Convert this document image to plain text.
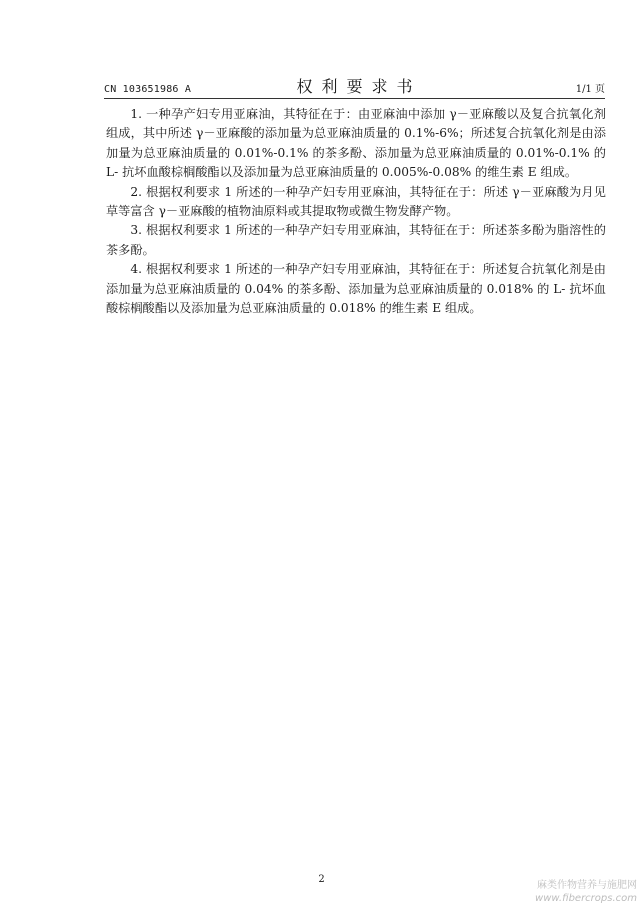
CN 103651986 A	权利要求书	1/1 页

1. 一种孕产妇专用亚麻油，其特征在于：由亚麻油中添加 γ－亚麻酸以及复合抗氧化剂组成，其中所述 γ－亚麻酸的添加量为总亚麻油质量的 0.1%-6%；所述复合抗氧化剂是由添加量为总亚麻油质量的 0.01%-0.1% 的茶多酚、添加量为总亚麻油质量的 0.01%-0.1% 的 L- 抗坏血酸棕榈酸酯以及添加量为总亚麻油质量的 0.005%-0.08% 的维生素 E 组成。

2. 根据权利要求 1 所述的一种孕产妇专用亚麻油，其特征在于：所述 γ－亚麻酸为月见草等富含 γ－亚麻酸的植物油原料或其提取物或微生物发酵产物。

3. 根据权利要求 1 所述的一种孕产妇专用亚麻油，其特征在于：所述茶多酚为脂溶性的茶多酚。

4. 根据权利要求 1 所述的一种孕产妇专用亚麻油，其特征在于：所述复合抗氧化剂是由添加量为总亚麻油质量的 0.04% 的茶多酚、添加量为总亚麻油质量的 0.018% 的 L- 抗坏血酸棕榈酸酯以及添加量为总亚麻油质量的 0.018% 的维生素 E 组成。

2
麻类作物营养与施肥网
www.fibercrops.com
